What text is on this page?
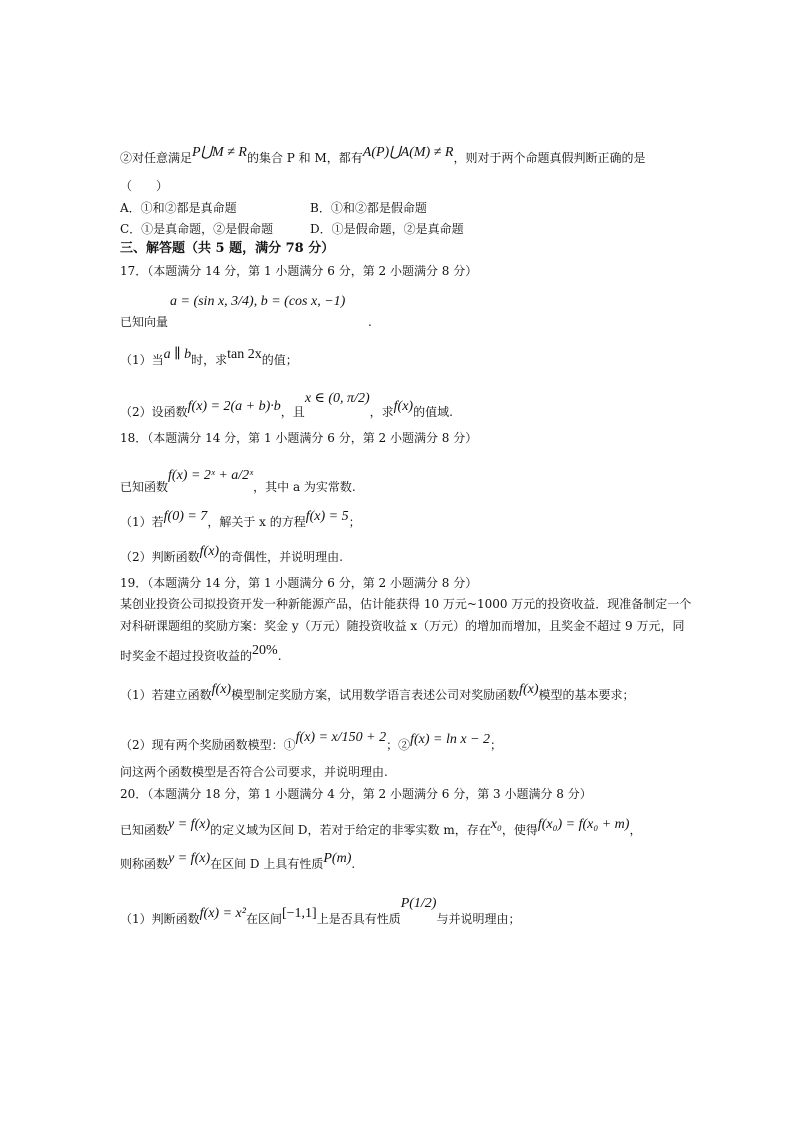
②对任意满足P⋃M ≠ R的集合 P 和 M，都有A(P)⋃A(M) ≠ R，则对于两个命题真假判断正确的是
（　　）
A．①和②都是真命题	B．①和②都是假命题
C．①是真命题，②是假命题	D．①是假命题，②是真命题
三、解答题（共 5 题，满分 78 分）
17．（本题满分 14 分，第 1 小题满分 6 分，第 2 小题满分 8 分）
a = (sin x, 3/4), b = (cos x, −1)
已知向量	.
（1）当a ∥ b时，求tan 2x的值；
（2）设函数f(x) = 2(a + b)·b，且x ∈ (0, π/2)，求f(x)的值域.
18．（本题满分 14 分，第 1 小题满分 6 分，第 2 小题满分 8 分）
已知函数f(x) = 2ˣ + a/2ˣ，其中 a 为实常数.
（1）若f(0) = 7，解关于 x 的方程f(x) = 5；
（2）判断函数f(x)的奇偶性，并说明理由.
19．（本题满分 14 分，第 1 小题满分 6 分，第 2 小题满分 8 分）
某创业投资公司拟投资开发一种新能源产品，估计能获得 10 万元~1000 万元的投资收益．现准备制定一个
对科研课题组的奖励方案：奖金 y（万元）随投资收益 x（万元）的增加而增加，且奖金不超过 9 万元，同
时奖金不超过投资收益的20%.
（1）若建立函数f(x)模型制定奖励方案，试用数学语言表述公司对奖励函数f(x)模型的基本要求；
（2）现有两个奖励函数模型：①f(x) = x/150 + 2；②f(x) = ln x − 2；
问这两个函数模型是否符合公司要求，并说明理由.
20．（本题满分 18 分，第 1 小题满分 4 分，第 2 小题满分 6 分，第 3 小题满分 8 分）
已知函数y = f(x)的定义域为区间 D，若对于给定的非零实数 m，存在x₀，使得f(x₀) = f(x₀ + m)，
则称函数y = f(x)在区间 D 上具有性质P(m).
（1）判断函数f(x) = x²在区间[−1,1]上是否具有性质P(1/2)与并说明理由；
